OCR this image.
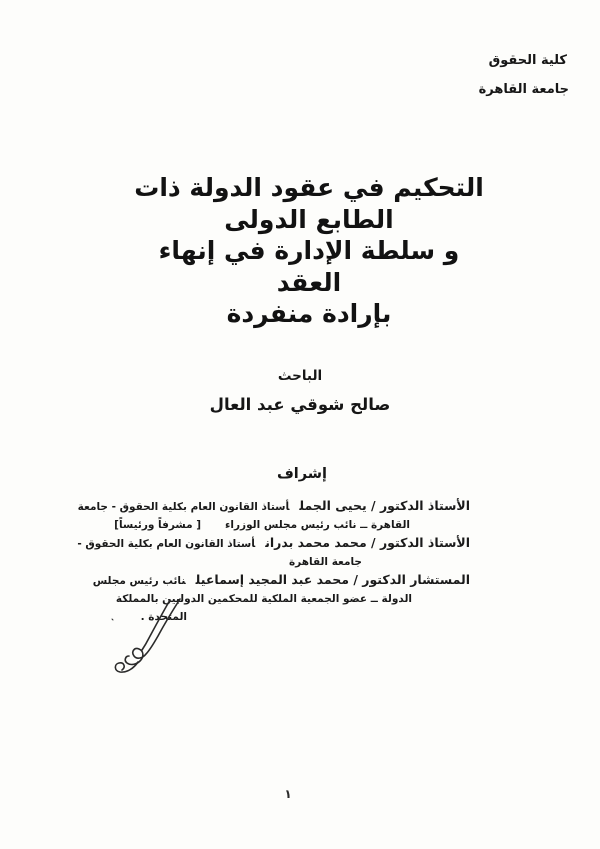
كلية الحقوق
جامعة القاهرة
التحكيم في عقود الدولة ذات
الطابع الدولى
و سلطة الإدارة في إنهاء
العقد
بإرادة منفردة
الباحث
صالح شوقي عبد العال
إشراف
الأستاذ الدكتور / يحيى الجملأستاذ القانون العام بكلية الحقوق - جامعة
القاهرة ــ نائب رئيس مجلس الوزراء[ مشرفاً ورئيساً]
الأستاذ الدكتور / محمد محمد بدرانأستاذ القانون العام بكلية الحقوق -
جامعة القاهرة
المستشار الدكتور / محمد عبد المجيد إسماعيلنائب رئيس مجلس
الدولة ــ عضو الجمعية الملكية للمحكمين الدوليين بالمملكة
المتحدة .
١
